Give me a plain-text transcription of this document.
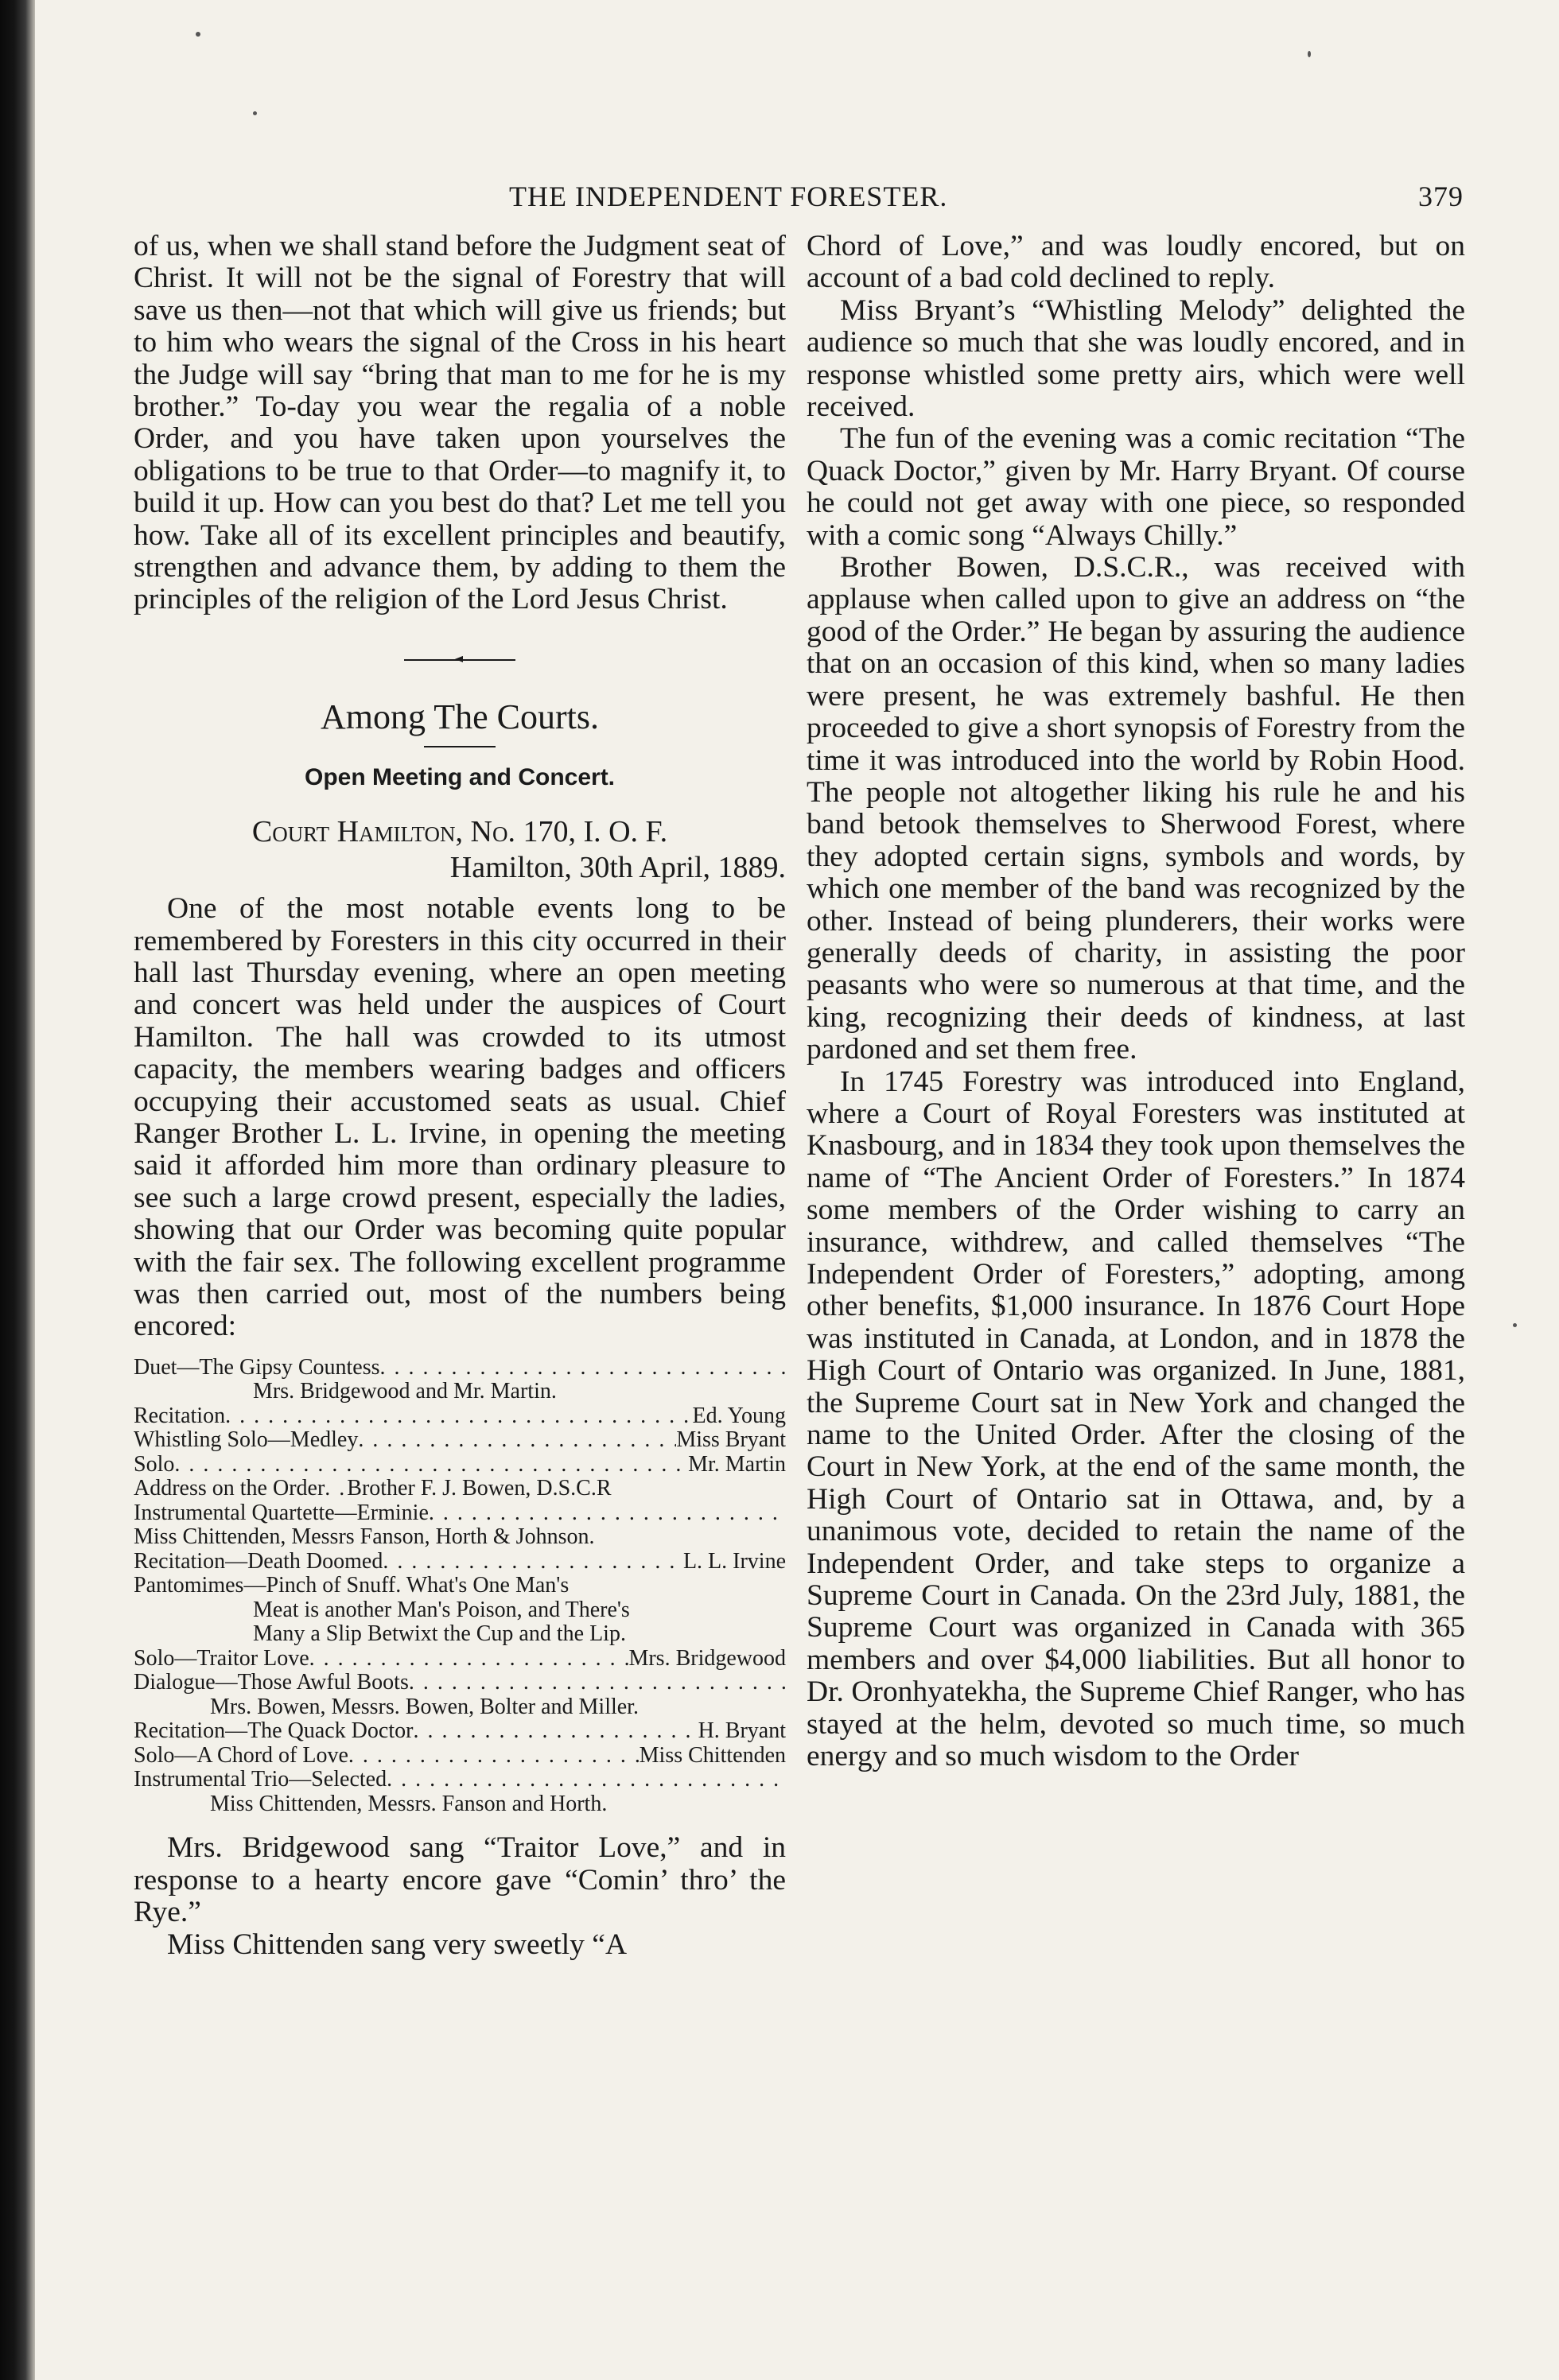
THE INDEPENDENT FORESTER.	379

of us, when we shall stand before the Judgment seat of Christ. It will not be the signal of Forestry that will save us then—not that which will give us friends; but to him who wears the signal of the Cross in his heart the Judge will say “bring that man to me for he is my brother.” To-day you wear the regalia of a noble Order, and you have taken upon yourselves the obligations to be true to that Order—to magnify it, to build it up. How can you best do that? Let me tell you how. Take all of its excellent principles and beautify, strengthen and advance them, by adding to them the principles of the religion of the Lord Jesus Christ.

Among The Courts.
Open Meeting and Concert.
Court Hamilton, No. 170, I. O. F.
Hamilton, 30th April, 1889.

One of the most notable events long to be remembered by Foresters in this city occurred in their hall last Thursday evening, where an open meeting and concert was held under the auspices of Court Hamilton. The hall was crowded to its utmost capacity, the members wearing badges and officers occupying their accustomed seats as usual. Chief Ranger Brother L. L. Irvine, in opening the meeting said it afforded him more than ordinary pleasure to see such a large crowd present, especially the ladies, showing that our Order was becoming quite popular with the fair sex. The following excellent programme was then carried out, most of the numbers being encored:

Duet—The Gipsy Countess
. . .
Mrs. Bridgewood and Mr. Martin.
Recitation . . .	Ed. Young
Whistling Solo—Medley . . .	Miss Bryant
Solo . . .	Mr. Martin
Address on the Order . . . Brother F. J. Bowen, D.S.C.R
Instrumental Quartette—Erminie
. . .
Miss Chittenden, Messrs Fanson, Horth & Johnson.
Recitation—Death Doomed . . .	L. L. Irvine
Pantomimes—Pinch of Snuff. What's One Man's
Meat is another Man's Poison, and There's
Many a Slip Betwixt the Cup and the Lip.
Solo—Traitor Love . . .	Mrs. Bridgewood
Dialogue—Those Awful Boots
. . .
Mrs. Bowen, Messrs. Bowen, Bolter and Miller.
Recitation—The Quack Doctor . . .	H. Bryant
Solo—A Chord of Love . . .	Miss Chittenden
Instrumental Trio—Selected
. . .
Miss Chittenden, Messrs. Fanson and Horth.

Mrs. Bridgewood sang “Traitor Love,” and in response to a hearty encore gave “Comin’ thro’ the Rye.”

Miss Chittenden sang very sweetly “A

Chord of Love,” and was loudly encored, but on account of a bad cold declined to reply.

Miss Bryant’s “Whistling Melody” delighted the audience so much that she was loudly encored, and in response whistled some pretty airs, which were well received.

The fun of the evening was a comic recitation “The Quack Doctor,” given by Mr. Harry Bryant. Of course he could not get away with one piece, so responded with a comic song “Always Chilly.”

Brother Bowen, D.S.C.R., was received with applause when called upon to give an address on “the good of the Order.” He began by assuring the audience that on an occasion of this kind, when so many ladies were present, he was extremely bashful. He then proceeded to give a short synopsis of Forestry from the time it was introduced into the world by Robin Hood. The people not altogether liking his rule he and his band betook themselves to Sherwood Forest, where they adopted certain signs, symbols and words, by which one member of the band was recognized by the other. Instead of being plunderers, their works were generally deeds of charity, in assisting the poor peasants who were so numerous at that time, and the king, recognizing their deeds of kindness, at last pardoned and set them free.

In 1745 Forestry was introduced into England, where a Court of Royal Foresters was instituted at Knasbourg, and in 1834 they took upon themselves the name of “The Ancient Order of Foresters.” In 1874 some members of the Order wishing to carry an insurance, withdrew, and called themselves “The Independent Order of Foresters,” adopting, among other benefits, $1,000 insurance. In 1876 Court Hope was instituted in Canada, at London, and in 1878 the High Court of Ontario was organized. In June, 1881, the Supreme Court sat in New York and changed the name to the United Order. After the closing of the Court in New York, at the end of the same month, the High Court of Ontario sat in Ottawa, and, by a unanimous vote, decided to retain the name of the Independent Order, and take steps to organize a Supreme Court in Canada. On the 23rd July, 1881, the Supreme Court was organized in Canada with 365 members and over $4,000 liabilities. But all honor to Dr. Oronhyatekha, the Supreme Chief Ranger, who has stayed at the helm, devoted so much time, so much energy and so much wisdom to the Order
